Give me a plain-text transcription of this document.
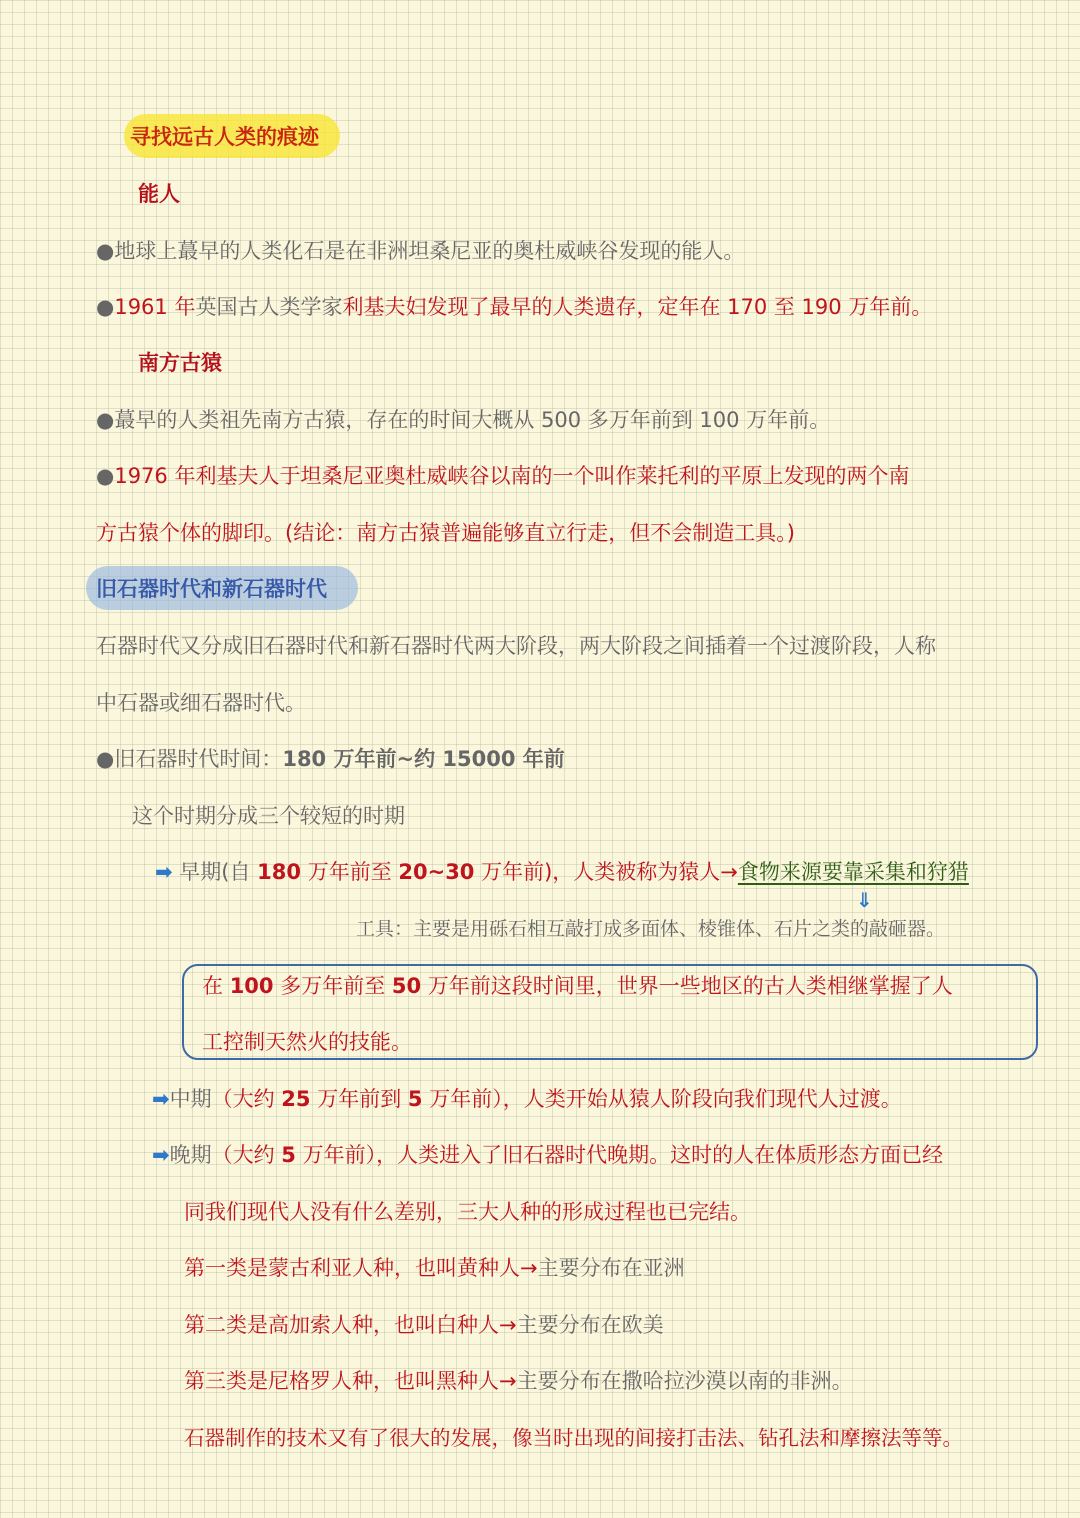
寻找远古人类的痕迹
能人
●地球上蕞早的人类化石是在非洲坦桑尼亚的奥杜威峡谷发现的能人。
●1961 年英国古人类学家利基夫妇发现了最早的人类遗存，定年在 170 至 190 万年前。
南方古猿
●蕞早的人类祖先南方古猿，存在的时间大概从 500 多万年前到 100 万年前。
●1976 年利基夫人于坦桑尼亚奥杜威峡谷以南的一个叫作莱托利的平原上发现的两个南
方古猿个体的脚印。(结论：南方古猿普遍能够直立行走，但不会制造工具。)
旧石器时代和新石器时代
石器时代又分成旧石器时代和新石器时代两大阶段，两大阶段之间插着一个过渡阶段，人称
中石器或细石器时代。
●旧石器时代时间：180 万年前~约 15000 年前
这个时期分成三个较短的时期
➡ 早期(自 180 万年前至 20~30 万年前)，人类被称为猿人→食物来源要靠采集和狩猎
⇓
工具：主要是用砾石相互敲打成多面体、棱锥体、石片之类的敲砸器。
在 100 多万年前至 50 万年前这段时间里，世界一些地区的古人类相继掌握了人
工控制天然火的技能。
➡中期（大约 25 万年前到 5 万年前），人类开始从猿人阶段向我们现代人过渡。
➡晚期（大约 5 万年前），人类进入了旧石器时代晚期。这时的人在体质形态方面已经
同我们现代人没有什么差别，三大人种的形成过程也已完结。
第一类是蒙古利亚人种，也叫黄种人→主要分布在亚洲
第二类是高加索人种，也叫白种人→主要分布在欧美
第三类是尼格罗人种，也叫黑种人→主要分布在撒哈拉沙漠以南的非洲。
石器制作的技术又有了很大的发展，像当时出现的间接打击法、钻孔法和摩擦法等等。
